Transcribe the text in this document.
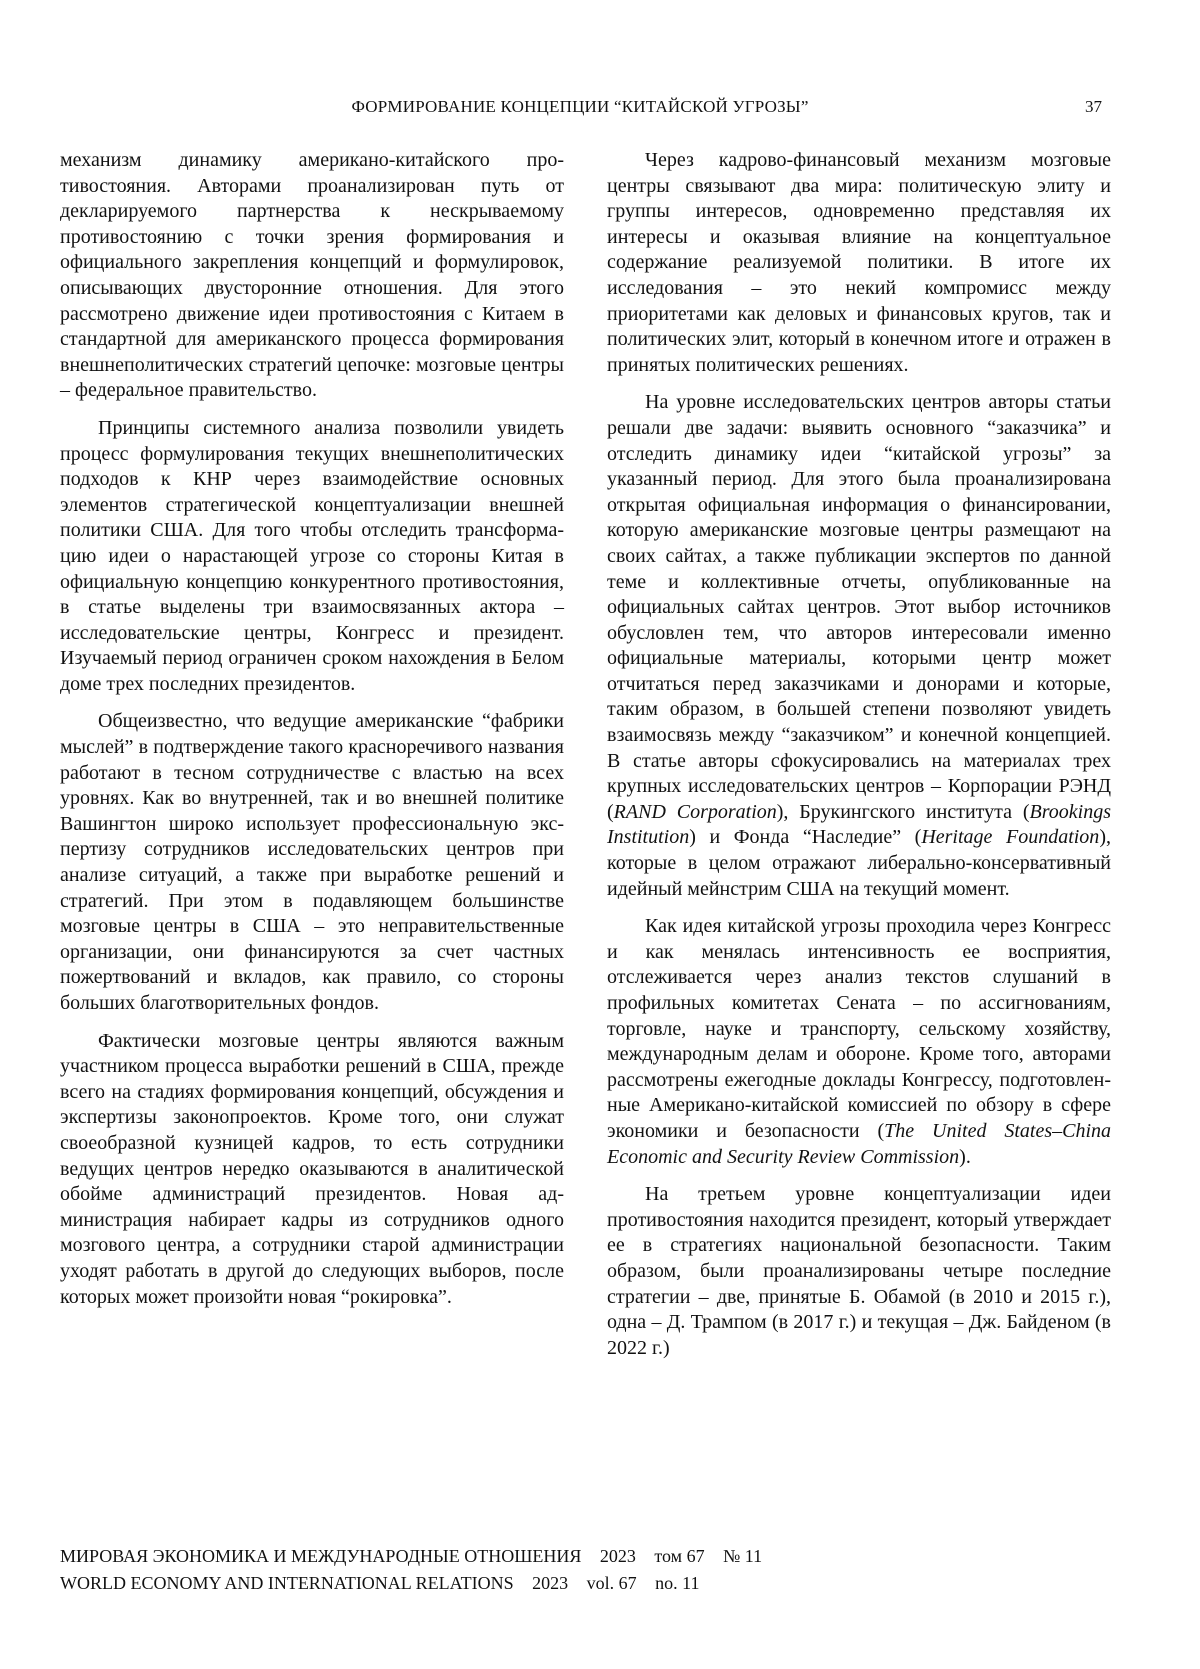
ФОРМИРОВАНИЕ КОНЦЕПЦИИ “КИТАЙСКОЙ УГРОЗЫ”	37

механизм динамику американо-китайского противостояния. Авторами проанализирован путь от декларируемого партнерства к нескрываемому противостоянию с точки зрения формирования и официального закрепления концепций и формулировок, описывающих двусторонние отношения. Для этого рассмотрено движение идеи противостояния с Китаем в стандартной для американского процесса формирования внешнеполитических стратегий цепочке: мозговые центры – федеральное правительство.

Принципы системного анализа позволили увидеть процесс формулирования текущих внешнеполитических подходов к КНР через взаимодействие основных элементов стратегической концептуализации внешней политики США. Для того чтобы отследить трансформацию идеи о нарастающей угрозе со стороны Китая в официальную концепцию конкурентного противостояния, в статье выделены три взаимосвязанных актора – исследовательские центры, Конгресс и президент. Изучаемый период ограничен сроком нахождения в Белом доме трех последних президентов.

Общеизвестно, что ведущие американские “фабрики мыслей” в подтверждение такого красноречивого названия работают в тесном сотрудничестве с властью на всех уровнях. Как во внутренней, так и во внешней политике Вашингтон широко использует профессиональную экспертизу сотрудников исследовательских центров при анализе ситуаций, а также при выработке решений и стратегий. При этом в подавляющем большинстве мозговые центры в США – это неправительственные организации, они финансируются за счет частных пожертвований и вкладов, как правило, со стороны больших благотворительных фондов.

Фактически мозговые центры являются важным участником процесса выработки решений в США, прежде всего на стадиях формирования концепций, обсуждения и экспертизы законопроектов. Кроме того, они служат своеобразной кузницей кадров, то есть сотрудники ведущих центров нередко оказываются в аналитической обойме администраций президентов. Новая администрация набирает кадры из сотрудников одного мозгового центра, а сотрудники старой администрации уходят работать в другой до следующих выборов, после которых может произойти новая “рокировка”.

Через кадрово-финансовый механизм мозговые центры связывают два мира: политическую элиту и группы интересов, одновременно представляя их интересы и оказывая влияние на концептуальное содержание реализуемой политики. В итоге их исследования – это некий компромисс между приоритетами как деловых и финансовых кругов, так и политических элит, который в конечном итоге и отражен в принятых политических решениях.

На уровне исследовательских центров авторы статьи решали две задачи: выявить основного “заказчика” и отследить динамику идеи “китайской угрозы” за указанный период. Для этого была проанализирована открытая официальная информация о финансировании, которую американские мозговые центры размещают на своих сайтах, а также публикации экспертов по данной теме и коллективные отчеты, опубликованные на официальных сайтах центров. Этот выбор источников обусловлен тем, что авторов интересовали именно официальные материалы, которыми центр может отчитаться перед заказчиками и донорами и которые, таким образом, в большей степени позволяют увидеть взаимосвязь между “заказчиком” и конечной концепцией. В статье авторы сфокусировались на материалах трех крупных исследовательских центров – Корпорации РЭНД (RAND Corporation), Брукингского института (Brookings Institution) и Фонда “Наследие” (Heritage Foundation), которые в целом отражают либерально-консервативный идейный мейнстрим США на текущий момент.

Как идея китайской угрозы проходила через Конгресс и как менялась интенсивность ее восприятия, отслеживается через анализ текстов слушаний в профильных комитетах Сената – по ассигнованиям, торговле, науке и транспорту, сельскому хозяйству, международным делам и обороне. Кроме того, авторами рассмотрены ежегодные доклады Конгрессу, подготовленные Американо-китайской комиссией по обзору в сфере экономики и безопасности (The United States–China Economic and Security Review Commission).

На третьем уровне концептуализации идеи противостояния находится президент, который утверждает ее в стратегиях национальной безопасности. Таким образом, были проанализированы четыре последние стратегии – две, принятые Б. Обамой (в 2010 и 2015 г.), одна – Д. Трампом (в 2017 г.) и текущая – Дж. Байденом (в 2022 г.)

МИРОВАЯ ЭКОНОМИКА И МЕЖДУНАРОДНЫЕ ОТНОШЕНИЯ 2023 том 67 № 11
WORLD ECONOMY AND INTERNATIONAL RELATIONS 2023 vol. 67 no. 11
